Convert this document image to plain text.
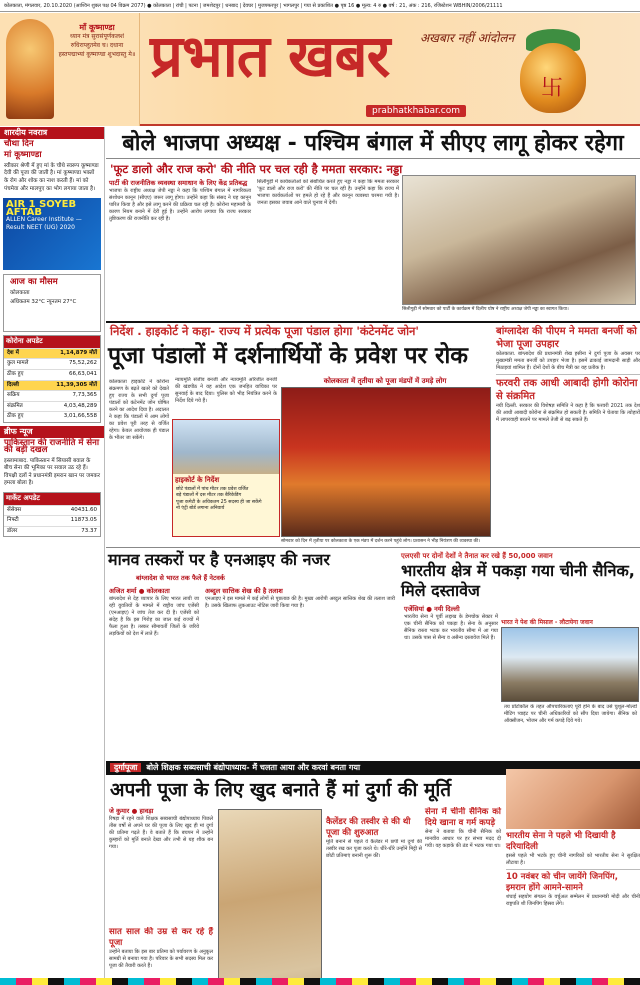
कोलकाता, मंगलवार, 20.10.2020 (आश्विन शुक्ल पक्ष 04 विक्रम 2077) ● कोलकाता | रांची | पटना | जमशेदपुर | धनबाद | देवघर | मुजफ्फरपुर | भागलपुर | गया से प्रकाशित ● पृष्ठ 16 ● मूल्य: 4 रु ● वर्ष : 21, अंक : 216, रजिस्टेशन WBHIN/2006/21111
माँ कूष्माण्डा
ध्यान मंत्र सुरासंपूर्णकलशं रुधिराप्लुतमेव च। दधाना हस्तपद्माभ्यां कूष्माण्डा शुभदास्तु मे॥ प्रभात खबर	अखबार नहीं आंदोलन
prabhatkhabar.com
卐
शारदीय नवरात्र
चौथा दिन
मां कूष्माण्डा
स्वीकार श्रेणी में हुए मां के चौथे स्वरूप कूष्माण्डा देवी की पूजा की जाती है। मां कूष्माण्डा भक्तों के रोग और शोक का नाश करती हैं। मां को पंचमेवा और मालपुए का भोग लगाया जाता है।
AIR 1 SOYEB AFTAB
ALLEN Career Institute — Result NEET (UG) 2020
आज का मौसम
कोलकाता
अधिकतम 32°C न्यूनतम 27°C
कोरोना अपडेट
देश में	1,14,879 मौतें
कुल मामले	75,52,262
ठीक हुए	66,63,041
दिल्ली	11,39,305 मौतें
सक्रिय	7,73,365
संक्रमित	4,03,48,289
ठीक हुए	3,01,66,558
ब्रीफ न्यूज
पाकिस्तान की राजनीति में सेना की बड़ी दखल
इस्लामाबाद. पाकिस्तान में सियासी बवाल के बीच सेना की भूमिका पर सवाल उठ रहे हैं। विपक्षी दलों ने प्रधानमंत्री इमरान खान पर जमकर हमला बोला है।
मार्केट अपडेट
सेंसेक्स	40431.60
निफ्टी	11873.05
डॉलर	73.37
बोले भाजपा अध्यक्ष - पश्चिम बंगाल में सीएए लागू होकर रहेगा
'फूट डालो और राज करो' की नीति पर चल रही है ममता सरकार: नड्डा
पार्टी की राजनीतिक व्यवस्था समाधान के लिए केंद्र प्रतिबद्ध
भाजपा के राष्ट्रीय अध्यक्ष जेपी नड्डा ने कहा कि पश्चिम बंगाल में नागरिकता संशोधन कानून (सीएए) जरूर लागू होगा। उन्होंने कहा कि संसद ने यह कानून पारित किया है और इसे लागू करने की प्रक्रिया चल रही है। कोरोना महामारी के कारण नियम बनाने में देरी हुई है। उन्होंने आरोप लगाया कि राज्य सरकार तुष्टिकरण की राजनीति कर रही है।
सिलीगुड़ी में कार्यकर्ताओं को संबोधित करते हुए नड्डा ने कहा कि ममता सरकार 'फूट डालो और राज करो' की नीति पर चल रही है। उन्होंने कहा कि राज्य में भाजपा कार्यकर्ताओं पर हमले हो रहे हैं और कानून व्यवस्था चरमरा गयी है। जनता इसका जवाब आने वाले चुनाव में देगी।
सिलीगुड़ी में सोमवार को पार्टी के कार्यक्रम में दिलीप घोष ने राष्ट्रीय अध्यक्ष जेपी नड्डा का स्वागत किया।
निर्देश . हाइकोर्ट ने कहा- राज्य में प्रत्येक पूजा पंडाल होगा 'कंटेनमेंट जोन'
पूजा पंडालों में दर्शनार्थियों के प्रवेश पर रोक
कोलकाता हाइकोर्ट ने कोरोना संक्रमण के बढ़ते खतरे को देखते हुए राज्य के सभी दुर्गा पूजा पंडालों को कंटेनमेंट जोन घोषित करने का आदेश दिया है। अदालत ने कहा कि पंडालों में आम लोगों का प्रवेश पूरी तरह से वर्जित रहेगा। केवल आयोजक ही पंडाल के भीतर जा सकेंगे।
हाइकोर्ट के निर्देश
छोटे पंडालों में पांच मीटर तक प्रवेश वर्जित
बड़े पंडालों में दस मीटर तक बैरिकेडिंग
पूजा कमेटी के अधिकतम 25 सदस्य ही जा सकेंगे
नो एंट्री बोर्ड लगाना अनिवार्य
न्यायमूर्ति संजीव बनर्जी और न्यायमूर्ति अरिजीत बनर्जी की खंडपीठ ने यह आदेश एक जनहित याचिका पर सुनवाई के बाद दिया। पुलिस को भीड़ नियंत्रित करने के निर्देश दिये गये हैं।
कोलकाता में तृतीया को पूजा मंडपों में उमड़े लोग
सोमवार को दिन में तृतीया पर कोलकाता के एक मंडप में दर्शन करने पहुंचे लोग। प्रशासन ने भीड़ नियंत्रण की व्यवस्था की।
बांग्लादेश की पीएम ने ममता बनर्जी को भेजा पूजा उपहार
कोलकाता. बांग्लादेश की प्रधानमंत्री शेख हसीना ने दुर्गा पूजा के अवसर पर मुख्यमंत्री ममता बनर्जी को उपहार भेजा है। इसमें ढाकाई जामदानी साड़ी और मिठाइयां शामिल हैं। दोनों देशों के बीच मैत्री का यह प्रतीक है।
फरवरी तक आधी आबादी होगी कोरोना से संक्रमित
नयी दिल्ली. सरकार की विशेषज्ञ समिति ने कहा है कि फरवरी 2021 तक देश की आधी आबादी कोरोना से संक्रमित हो सकती है। समिति ने चेताया कि त्योहारों में लापरवाही बरतने पर मामले तेजी से बढ़ सकते हैं।
मानव तस्करों पर है एनआइए की नजर
बांग्लादेश से भारत तक फैले हैं नेटवर्क
अजित शर्मा ● कोलकाता
बांग्लादेश से देह व्यापार के लिए भारत लायी जा रही युवतियों के मामले में राष्ट्रीय जांच एजेंसी (एनआइए) ने जांच तेज कर दी है। एजेंसी को संदेह है कि इस गिरोह का जाल कई राज्यों में फैला हुआ है। तस्कर सीमावर्ती जिलों के जरिये लड़कियों को देश में लाते हैं।
अब्दुल सात्तिक शेख की है तलाश
एनआइए ने इस मामले में कई लोगों से पूछताछ की है। मुख्य आरोपी अब्दुल सात्तिक शेख की तलाश जारी है। उसके खिलाफ लुकआउट नोटिस जारी किया गया है।
एलएसी पर दोनों देशों ने तैनात कर रखे हैं 50,000 जवान
भारतीय क्षेत्र में पकड़ा गया चीनी सैनिक, मिले दस्तावेज
एजेंसियां ● नयी दिल्ली
भारतीय सेना ने पूर्वी लद्दाख के डेमचोक सेक्टर में एक चीनी सैनिक को पकड़ा है। सेना के अनुसार सैनिक रास्ता भटक कर भारतीय सीमा में आ गया था। उसके पास से सैन्य व असैन्य दस्तावेज मिले हैं।
भारत ने पेश की मिसाल - लौटायेगा जवान
तय प्रोटोकॉल के तहत औपचारिकताएं पूरी होने के बाद उसे चुशूल-मोल्डो मीटिंग प्वाइंट पर चीनी अधिकारियों को सौंप दिया जायेगा। सैनिक को ऑक्सीजन, भोजन और गर्म कपड़े दिये गये।
दुर्गापूजा बोले शिक्षक सब्यसाची बंद्योपाध्याय- मैं चलता आया और करवां बनता गया
अपनी पूजा के लिए खुद बनाते हैं मां दुर्गा की मूर्ति
जे कुमार ● हावड़ा
रिषड़ा में रहने वाले शिक्षक सब्यसाची बंद्योपाध्याय पिछले तीस वर्षों से अपने घर की पूजा के लिए खुद ही मां दुर्गा की प्रतिमा गढ़ते हैं। वे बताते हैं कि बचपन में उन्होंने कुम्हारों को मूर्ति बनाते देखा और तभी से यह शौक बन गया।
सात साल की उम्र से कर रहे हैं पूजा
उन्होंने बताया कि इस बार प्रतिमा को पर्यावरण के अनुकूल सामग्री से बनाया गया है। परिवार के सभी सदस्य मिल कर पूजा की तैयारी करते हैं।
कैलेंडर की तस्वीर से की थी पूजा की शुरुआत
मूर्ति बनाने से पहले वे कैलेंडर में छपी मां दुर्गा की तस्वीर रख कर पूजा करते थे। धीरे-धीरे उन्होंने मिट्टी से छोटी प्रतिमाएं बनानी शुरू कीं।
सेना में चीनी सैनिक को दिये खाना व गर्म कपड़े
सेना ने बताया कि चीनी सैनिक को मानवीय आधार पर हर संभव मदद दी गयी। वह कड़ाके की ठंड में भटक गया था।
भारतीय सेना ने पहले भी दिखायी है दरियादिली
इससे पहले भी भटके हुए चीनी नागरिकों को भारतीय सेना ने सुरक्षित लौटाया है।
10 नवंबर को चीन जायेंगे जिनपिंग, इमरान होंगे आमने-सामने
शंघाई सहयोग संगठन के वर्चुअल सम्मेलन में प्रधानमंत्री मोदी और चीनी राष्ट्रपति शी जिनपिंग हिस्सा लेंगे।
